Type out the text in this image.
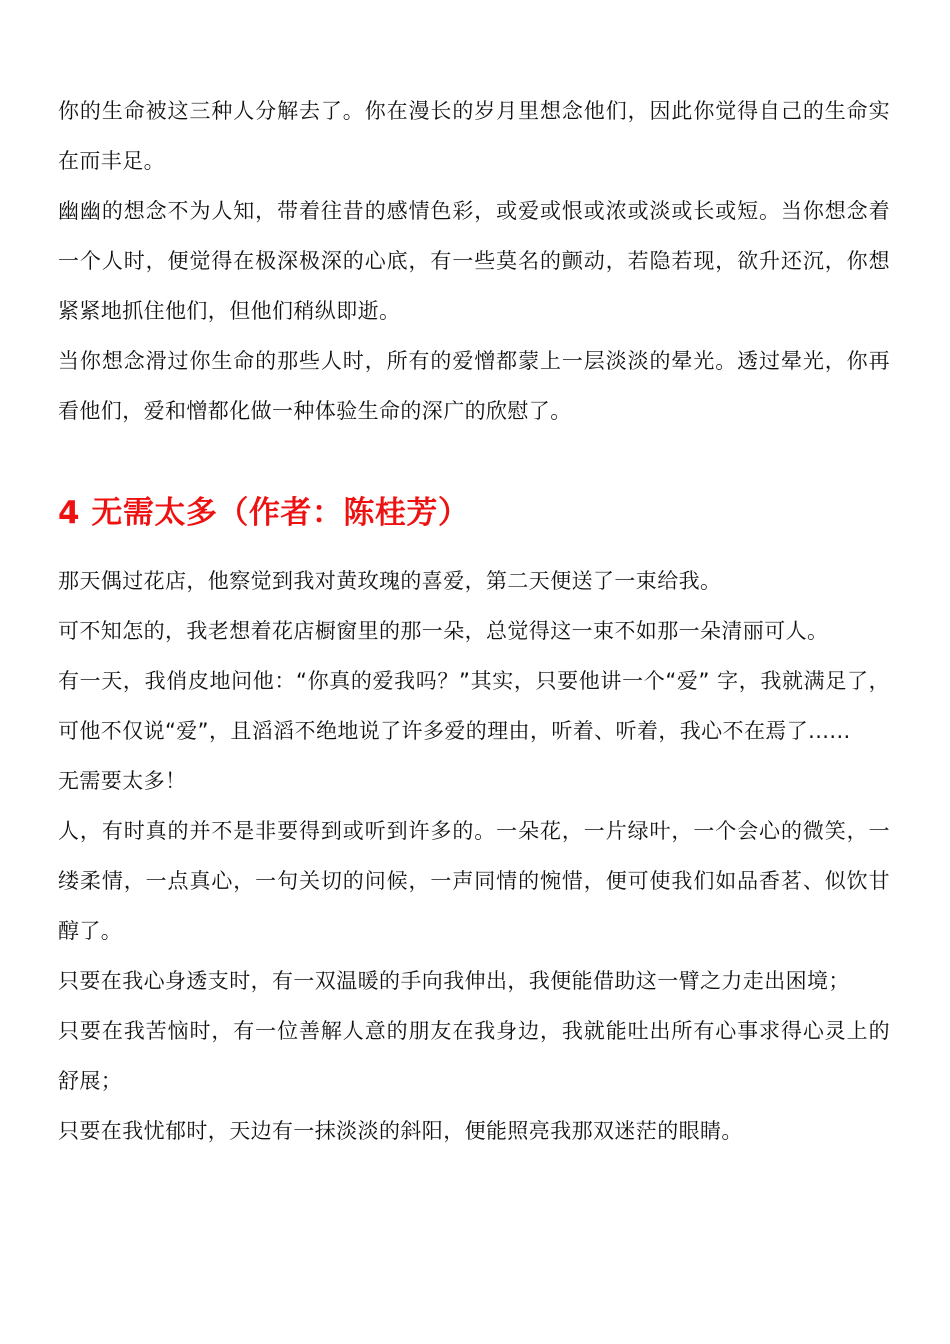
你的生命被这三种人分解去了。你在漫长的岁月里想念他们，因此你觉得自己的生命实在而丰足。

幽幽的想念不为人知，带着往昔的感情色彩，或爱或恨或浓或淡或长或短。当你想念着一个人时，便觉得在极深极深的心底，有一些莫名的颤动，若隐若现，欲升还沉，你想紧紧地抓住他们，但他们稍纵即逝。

当你想念滑过你生命的那些人时，所有的爱憎都蒙上一层淡淡的晕光。透过晕光，你再看他们，爱和憎都化做一种体验生命的深广的欣慰了。

4 无需太多（作者：陈桂芳）

那天偶过花店，他察觉到我对黄玫瑰的喜爱，第二天便送了一束给我。

可不知怎的，我老想着花店橱窗里的那一朵，总觉得这一束不如那一朵清丽可人。

有一天，我俏皮地问他：“你真的爱我吗？”其实，只要他讲一个“爱” 字，我就满足了，可他不仅说“爱”，且滔滔不绝地说了许多爱的理由，听着、听着，我心不在焉了......

无需要太多！

人，有时真的并不是非要得到或听到许多的。一朵花，一片绿叶，一个会心的微笑，一缕柔情，一点真心，一句关切的问候，一声同情的惋惜，便可使我们如品香茗、似饮甘醇了。

只要在我心身透支时，有一双温暖的手向我伸出，我便能借助这一臂之力走出困境；

只要在我苦恼时，有一位善解人意的朋友在我身边，我就能吐出所有心事求得心灵上的舒展；

只要在我忧郁时，天边有一抹淡淡的斜阳，便能照亮我那双迷茫的眼睛。
